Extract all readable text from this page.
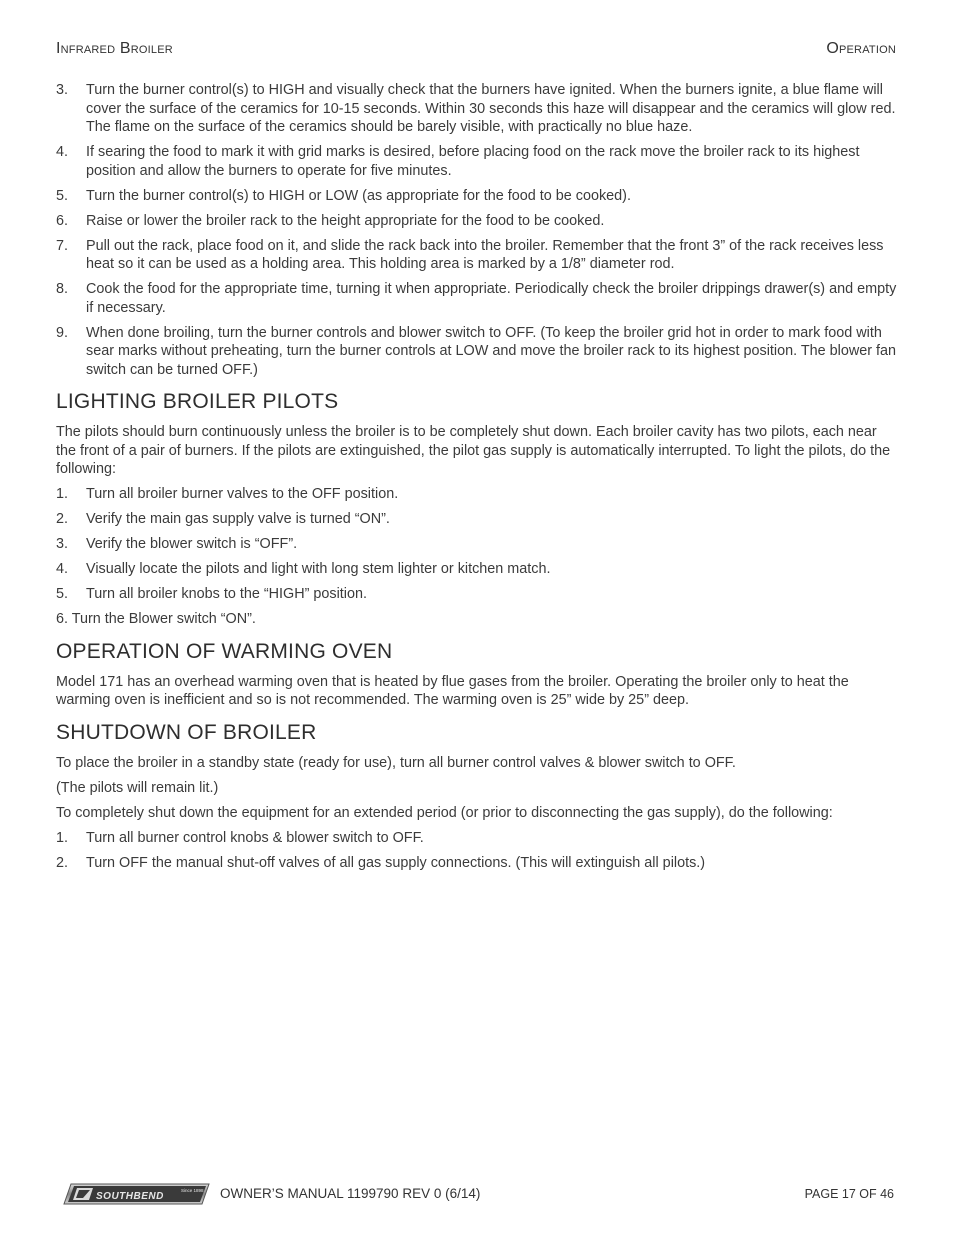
Infrared Broiler	Operation
3. Turn the burner control(s) to HIGH and visually check that the burners have ignited. When the burners ignite, a blue flame will cover the surface of the ceramics for 10-15 seconds. Within 30 seconds this haze will disappear and the ceramics will glow red. The flame on the surface of the ceramics should be barely visible, with practically no blue haze.
4. If searing the food to mark it with grid marks is desired, before placing food on the rack move the broiler rack to its highest position and allow the burners to operate for five minutes.
5. Turn the burner control(s) to HIGH or LOW (as appropriate for the food to be cooked).
6. Raise or lower the broiler rack to the height appropriate for the food to be cooked.
7. Pull out the rack, place food on it, and slide the rack back into the broiler. Remember that the front 3” of the rack receives less heat so it can be used as a holding area. This holding area is marked by a 1/8” diameter rod.
8. Cook the food for the appropriate time, turning it when appropriate. Periodically check the broiler drippings drawer(s) and empty if necessary.
9. When done broiling, turn the burner controls and blower switch to OFF. (To keep the broiler grid hot in order to mark food with sear marks without preheating, turn the burner controls at LOW and move the broiler rack to its highest position. The blower fan switch can be turned OFF.)
LIGHTING BROILER PILOTS

The pilots should burn continuously unless the broiler is to be completely shut down. Each broiler cavity has two pilots, each near the front of a pair of burners. If the pilots are extinguished, the pilot gas supply is automatically interrupted. To light the pilots, do the following:

1. Turn all broiler burner valves to the OFF position.
2. Verify the main gas supply valve is turned “ON”.
3. Verify the blower switch is “OFF”.
4. Visually locate the pilots and light with long stem lighter or kitchen match.
5. Turn all broiler knobs to the “HIGH” position.
6. Turn the Blower switch “ON”.
OPERATION OF WARMING OVEN

Model 171 has an overhead warming oven that is heated by flue gases from the broiler. Operating the broiler only to heat the warming oven is inefficient and so is not recommended. The warming oven is 25” wide by 25” deep.

SHUTDOWN OF BROILER

To place the broiler in a standby state (ready for use), turn all burner control valves & blower switch to OFF.

(The pilots will remain lit.)

To completely shut down the equipment for an extended period (or prior to disconnecting the gas supply), do the following:

1. Turn all burner control knobs & blower switch to OFF.
2. Turn OFF the manual shut-off valves of all gas supply connections. (This will extinguish all pilots.)
SOUTHBEND
Since 1898 OWNER’S MANUAL 1199790 REV 0 (6/14)	PAGE 17 OF 46
